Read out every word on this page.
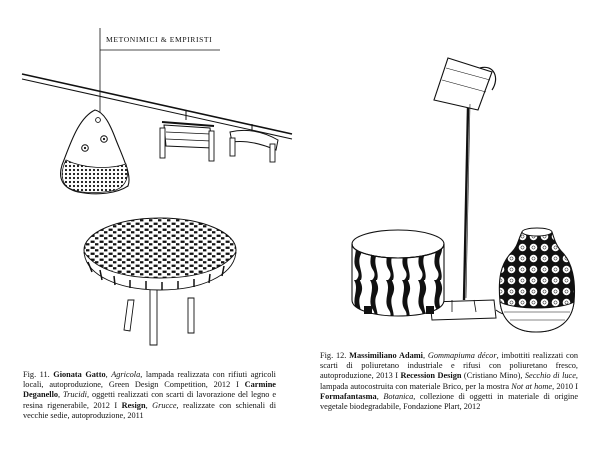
METONIMICI & EMPIRISTI
Fig. 11. Gionata Gatto, Agricola, lampada realizzata con rifiuti agricoli locali, autoproduzione, Green Design Competition, 2012 I Carmine Deganello, Trucidi, oggetti realizzati con scarti di lavorazione del legno e resina rigenerabile, 2012 I Resign, Grucce, realizzate con schienali di vecchie sedie, autoproduzione, 2011
Fig. 12. Massimiliano Adami, Gommapiuma décor, imbottiti realizzati con scarti di poliuretano industriale e rifusi con poliuretano fresco, autoproduzione, 2013 I Recession Design (Cristiano Mino), Secchio di luce, lampada autocostruita con materiale Brico, per la mostra Not at home, 2010 I Formafantasma, Botanica, collezione di oggetti in materiale di origine vegetale biodegradabile, Fondazione Plart, 2012
